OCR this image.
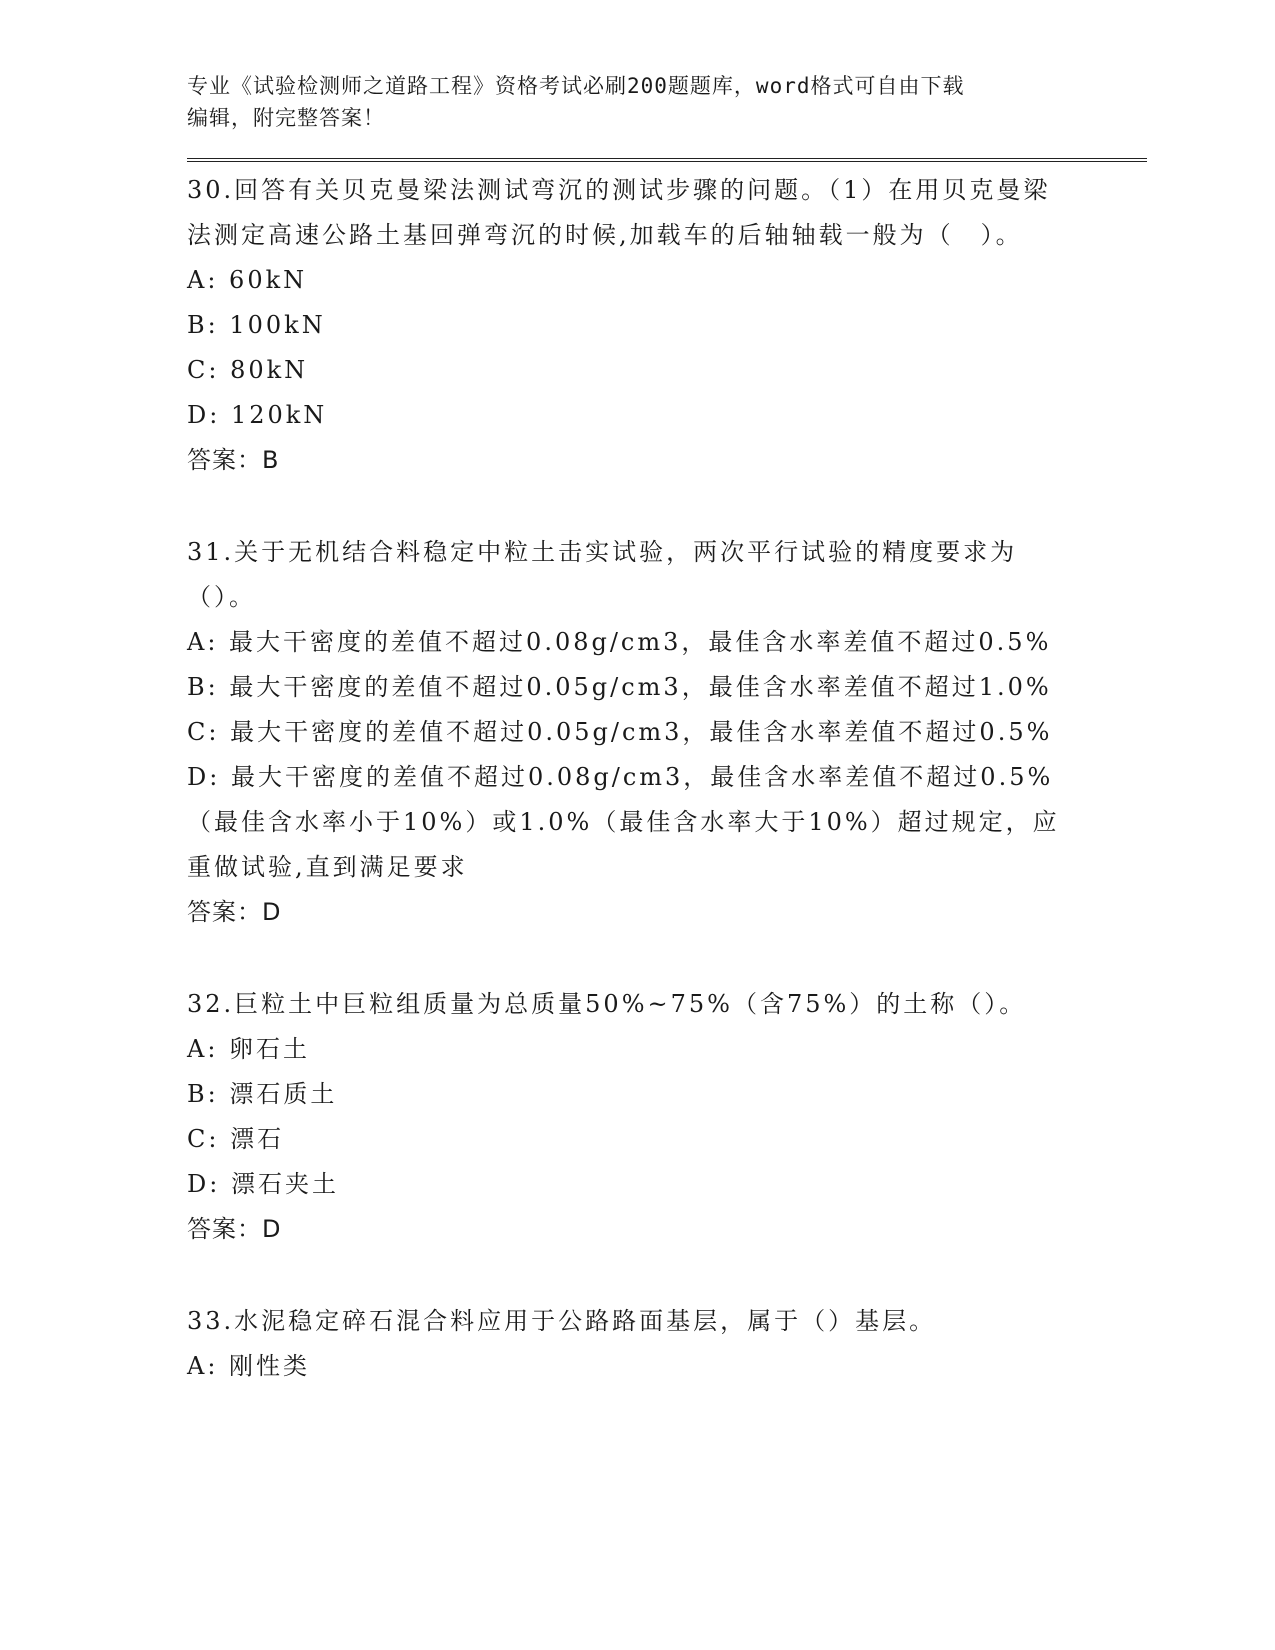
专业《试验检测师之道路工程》资格考试必刷200题题库，word格式可自由下载
编辑，附完整答案！
30.回答有关贝克曼梁法测试弯沉的测试步骤的问题。（1）在用贝克曼梁法测定高速公路土基回弹弯沉的时候,加载车的后轴轴载一般为（　）。
A: 60kN
B: 100kN
C: 80kN
D: 120kN
答案：B
31.关于无机结合料稳定中粒土击实试验，两次平行试验的精度要求为（）。
A: 最大干密度的差值不超过0.08g/cm3，最佳含水率差值不超过0.5%
B: 最大干密度的差值不超过0.05g/cm3，最佳含水率差值不超过1.0%
C: 最大干密度的差值不超过0.05g/cm3，最佳含水率差值不超过0.5%
D: 最大干密度的差值不超过0.08g/cm3，最佳含水率差值不超过0.5%（最佳含水率小于10%）或1.0%（最佳含水率大于10%）超过规定，应重做试验,直到满足要求
答案：D
32.巨粒土中巨粒组质量为总质量50%~75%（含75%）的土称（）。
A: 卵石土
B: 漂石质土
C: 漂石
D: 漂石夹土
答案：D
33.水泥稳定碎石混合料应用于公路路面基层，属于（）基层。
A: 刚性类
